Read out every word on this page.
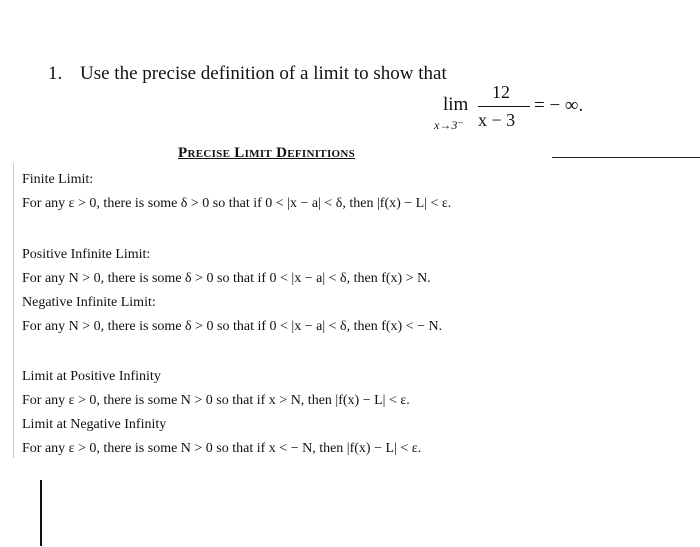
1. Use the precise definition of a limit to show that
lim
x→3⁻
12
x − 3
= − ∞.
Precise Limit Definitions
Finite Limit:
For any ε > 0, there is some δ > 0 so that if 0 < |x − a| < δ, then |f(x) − L| < ε.
Positive Infinite Limit:
For any N > 0, there is some δ > 0 so that if 0 < |x − a| < δ, then f(x) > N.
Negative Infinite Limit:
For any N > 0, there is some δ > 0 so that if 0 < |x − a| < δ, then f(x) < − N.
Limit at Positive Infinity
For any ε > 0, there is some N > 0 so that if x > N, then |f(x) − L| < ε.
Limit at Negative Infinity
For any ε > 0, there is some N > 0 so that if x < − N, then |f(x) − L| < ε.
